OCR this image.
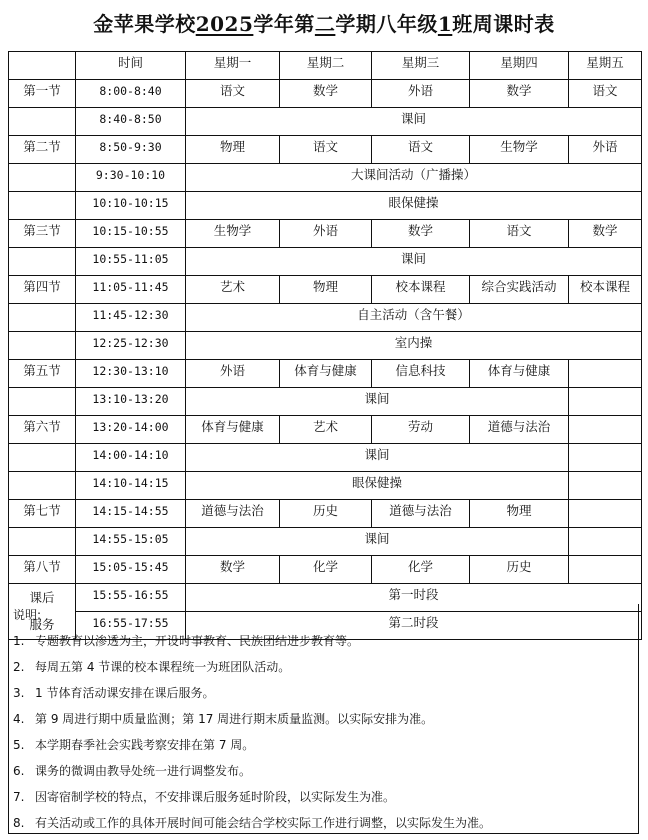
金苹果学校2025学年第二学期八年级1班周课时表
	时间	星期一	星期二	星期三	星期四	星期五
第一节	8:00-8:40	语文	数学	外语	数学	语文
	8:40-8:50	课间				
第二节	8:50-9:30	物理	语文	语文	生物学	外语
	9:30-10:10	大课间活动（广播操）				
	10:10-10:15	眼保健操				
第三节	10:15-10:55	生物学	外语	数学	语文	数学
	10:55-11:05	课间				
第四节	11:05-11:45	艺术	物理	校本课程	综合实践活动	校本课程
	11:45-12:30	自主活动（含午餐）				
	12:25-12:30	室内操				
第五节	12:30-13:10	外语	体育与健康	信息科技	体育与健康	
	13:10-13:20	课间				
第六节	13:20-14:00	体育与健康	艺术	劳动	道德与法治	
	14:00-14:10	课间				
	14:10-14:15	眼保健操				
第七节	14:15-14:55	道德与法治	历史	道德与法治	物理	
	14:55-15:05	课间				
第八节	15:05-15:45	数学	化学	化学	历史	
课后	15:55-16:55	第一时段				
服务	16:55-17:55	第二时段				
说明:
1. 专题教育以渗透为主，开设时事教育、民族团结进步教育等。
2. 每周五第 4 节课的校本课程统一为班团队活动。
3. 1 节体育活动课安排在课后服务。
4. 第 9 周进行期中质量监测；第 17 周进行期末质量监测。以实际安排为准。
5. 本学期春季社会实践考察安排在第 7 周。
6. 课务的微调由教导处统一进行调整发布。
7. 因寄宿制学校的特点，不安排课后服务延时阶段，以实际发生为准。
8. 有关活动或工作的具体开展时间可能会结合学校实际工作进行调整，以实际发生为准。
